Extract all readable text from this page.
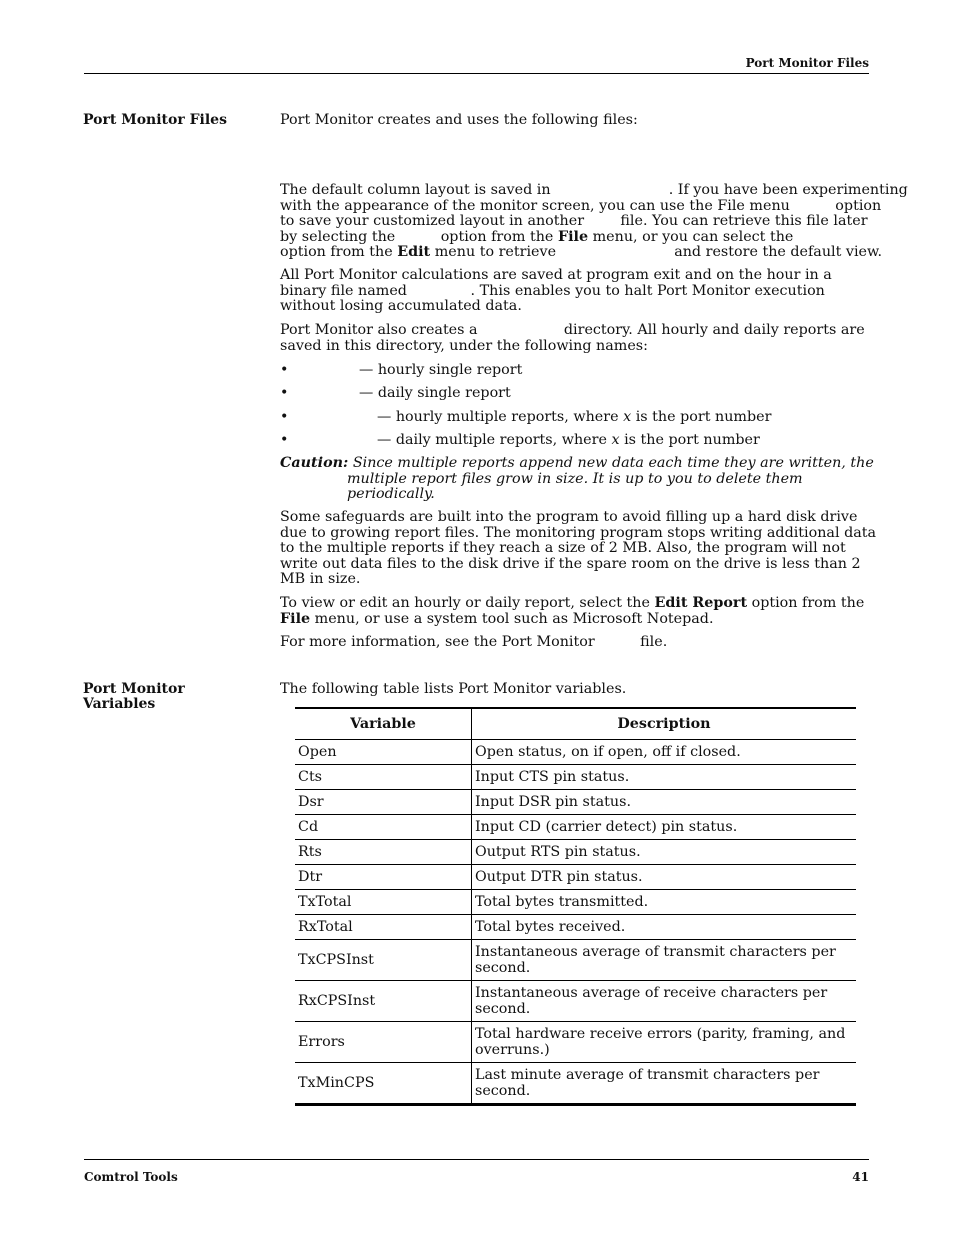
Port Monitor Files
Port Monitor Files	Port Monitor creates and uses the following files:
The default column layout is saved in                          . If you have been experimenting
with the appearance of the monitor screen, you can use the File menu          option
to save your customized layout in another        file. You can retrieve this file later
by selecting the          option from the File menu, or you can select the
option from the Edit menu to retrieve                          and restore the default view.
All Port Monitor calculations are saved at program exit and on the hour in a
binary file named              . This enables you to halt Port Monitor execution
without losing accumulated data.
Port Monitor also creates a                   directory. All hourly and daily reports are
saved in this directory, under the following names:
•	— hourly single report
•	— daily single report
•	— hourly multiple reports, where x is the port number
•	— daily multiple reports, where x is the port number
Caution: Since multiple reports append new data each time they are written, the
multiple report files grow in size. It is up to you to delete them
periodically.
Some safeguards are built into the program to avoid filling up a hard disk drive
due to growing report files. The monitoring program stops writing additional data
to the multiple reports if they reach a size of 2 MB. Also, the program will not
write out data files to the disk drive if the spare room on the drive is less than 2
MB in size.
To view or edit an hourly or daily report, select the Edit Report option from the
File menu, or use a system tool such as Microsoft Notepad.
For more information, see the Port Monitor          file.
Port Monitor
Variables
The following table lists Port Monitor variables.
Variable	Description
Open	Open status, on if open, off if closed.
Cts	Input CTS pin status.
Dsr	Input DSR pin status.
Cd	Input CD (carrier detect) pin status.
Rts	Output RTS pin status.
Dtr	Output DTR pin status.
TxTotal	Total bytes transmitted.
RxTotal	Total bytes received.
TxCPSInst	Instantaneous average of transmit characters per
second.

RxCPSInst	Instantaneous average of receive characters per
second.

Errors	Total hardware receive errors (parity, framing, and
overruns.)

TxMinCPS	Last minute average of transmit characters per
second.
Comtrol Tools	41
